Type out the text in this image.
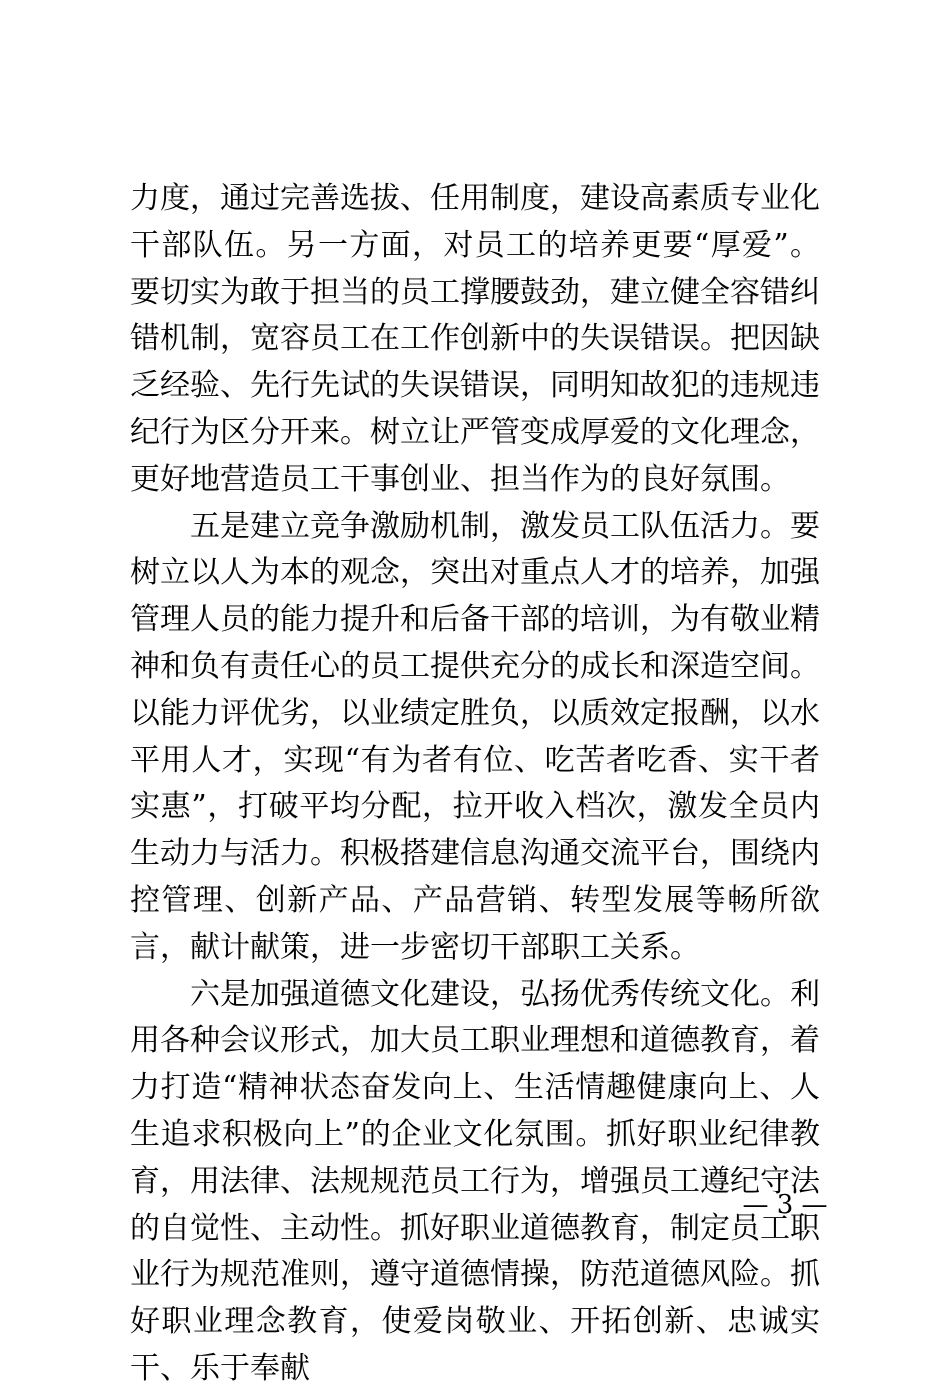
力度，通过完善选拔、任用制度，建设高素质专业化干部队伍。另一方面，对员工的培养更要“厚爱”。要切实为敢于担当的员工撑腰鼓劲，建立健全容错纠错机制，宽容员工在工作创新中的失误错误。把因缺乏经验、先行先试的失误错误，同明知故犯的违规违纪行为区分开来。树立让严管变成厚爱的文化理念，更好地营造员工干事创业、担当作为的良好氛围。

五是建立竞争激励机制，激发员工队伍活力。要树立以人为本的观念，突出对重点人才的培养，加强管理人员的能力提升和后备干部的培训，为有敬业精神和负有责任心的员工提供充分的成长和深造空间。以能力评优劣，以业绩定胜负，以质效定报酬，以水平用人才，实现“有为者有位、吃苦者吃香、实干者实惠”，打破平均分配，拉开收入档次，激发全员内生动力与活力。积极搭建信息沟通交流平台，围绕内控管理、创新产品、产品营销、转型发展等畅所欲言，献计献策，进一步密切干部职工关系。

六是加强道德文化建设，弘扬优秀传统文化。利用各种会议形式，加大员工职业理想和道德教育，着力打造“精神状态奋发向上、生活情趣健康向上、人生追求积极向上”的企业文化氛围。抓好职业纪律教育，用法律、法规规范员工行为，增强员工遵纪守法的自觉性、主动性。抓好职业道德教育，制定员工职业行为规范准则，遵守道德情操，防范道德风险。抓好职业理念教育，使爱岗敬业、开拓创新、忠诚实干、乐于奉献

— 3 —
